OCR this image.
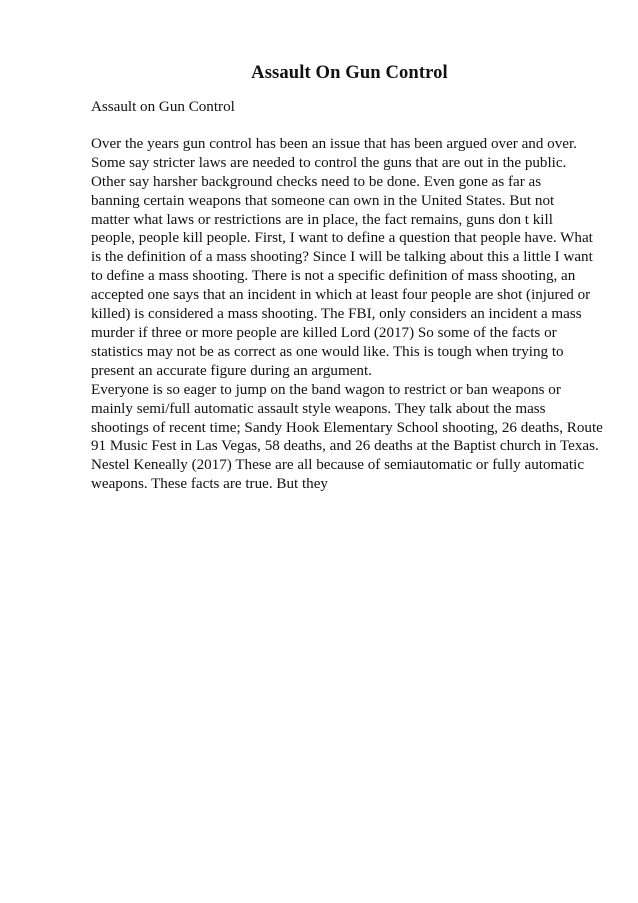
Assault On Gun Control

Assault on Gun Control

Over the years gun control has been an issue that has been argued over and over.
Some say stricter laws are needed to control the guns that are out in the public.
Other say harsher background checks need to be done. Even gone as far as
banning certain weapons that someone can own in the United States. But not
matter what laws or restrictions are in place, the fact remains, guns don t kill
people, people kill people. First, I want to define a question that people have. What
is the definition of a mass shooting? Since I will be talking about this a little I want
to define a mass shooting. There is not a specific definition of mass shooting, an
accepted one says that an incident in which at least four people are shot (injured or
killed) is considered a mass shooting. The FBI, only considers an incident a mass
murder if three or more people are killed Lord (2017) So some of the facts or
statistics may not be as correct as one would like. This is tough when trying to
present an accurate figure during an argument.

Everyone is so eager to jump on the band wagon to restrict or ban weapons or
mainly semi/full automatic assault style weapons. They talk about the mass
shootings of recent time; Sandy Hook Elementary School shooting, 26 deaths, Route
91 Music Fest in Las Vegas, 58 deaths, and 26 deaths at the Baptist church in Texas.
Nestel Keneally (2017) These are all because of semiautomatic or fully automatic
weapons. These facts are true. But they
